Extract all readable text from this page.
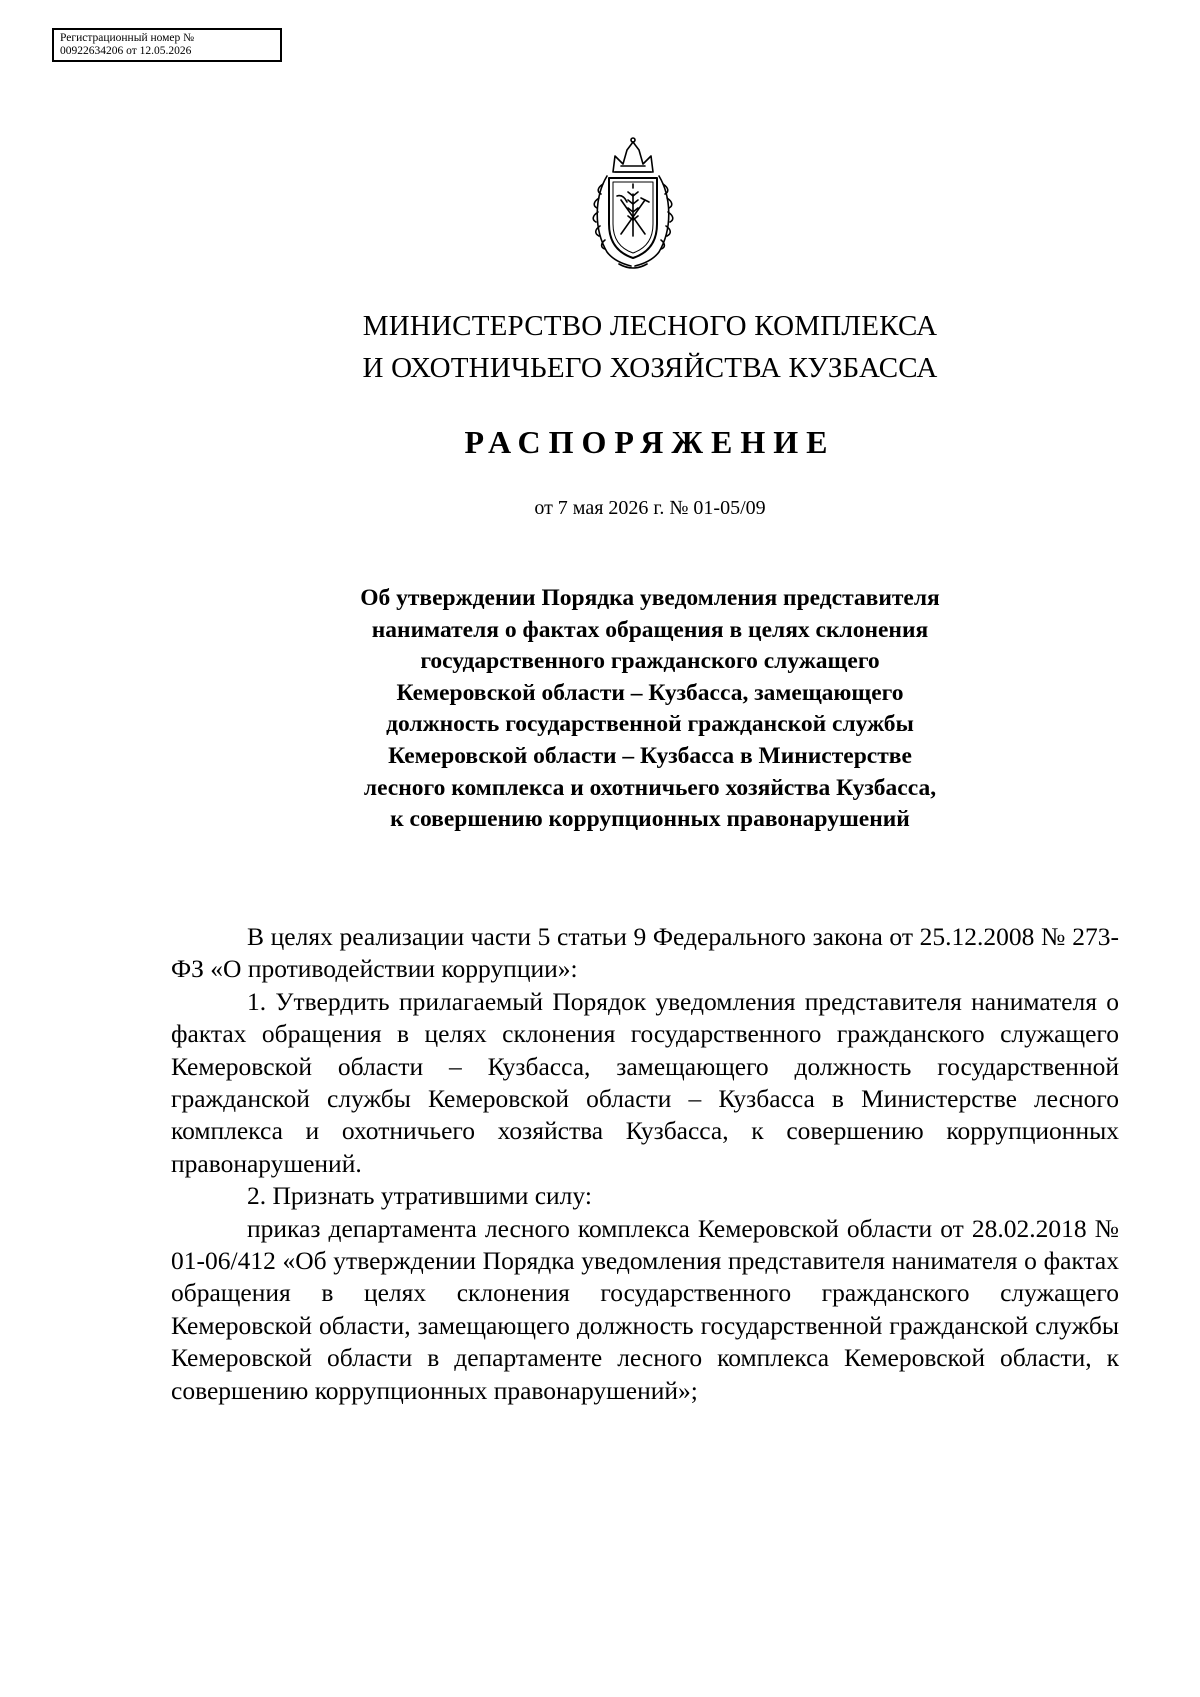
Регистрационный номер №
00922634206 от 12.05.2026
МИНИСТЕРСТВО ЛЕСНОГО КОМПЛЕКСА
И ОХОТНИЧЬЕГО ХОЗЯЙСТВА КУЗБАССА
РАСПОРЯЖЕНИЕ
от 7 мая 2026 г. № 01-05/09
Об утверждении Порядка уведомления представителя
нанимателя о фактах обращения в целях склонения
государственного гражданского служащего
Кемеровской области – Кузбасса, замещающего
должность государственной гражданской службы
Кемеровской области – Кузбасса в Министерстве
лесного комплекса и охотничьего хозяйства Кузбасса,
к совершению коррупционных правонарушений

В целях реализации части 5 статьи 9 Федерального закона от 25.12.2008 № 273-ФЗ «О противодействии коррупции»:

1. Утвердить прилагаемый Порядок уведомления представителя нанимателя о фактах обращения в целях склонения государственного гражданского служащего Кемеровской области – Кузбасса, замещающего должность государственной гражданской службы Кемеровской области – Кузбасса в Министерстве лесного комплекса и охотничьего хозяйства Кузбасса, к совершению коррупционных правонарушений.

2. Признать утратившими силу:

приказ департамента лесного комплекса Кемеровской области от 28.02.2018 № 01-06/412 «Об утверждении Порядка уведомления представителя нанимателя о фактах обращения в целях склонения государственного гражданского служащего Кемеровской области, замещающего должность государственной гражданской службы Кемеровской области в департаменте лесного комплекса Кемеровской области, к совершению коррупционных правонарушений»;
